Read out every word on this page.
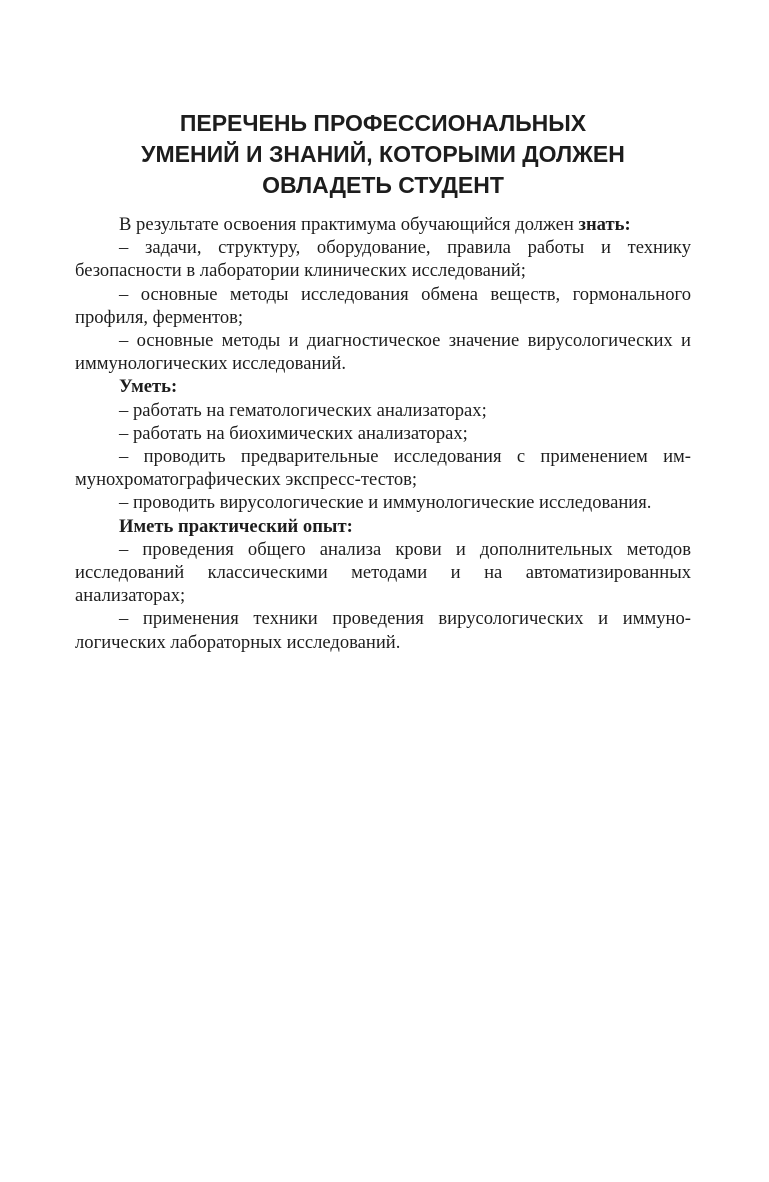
ПЕРЕЧЕНЬ ПРОФЕССИОНАЛЬНЫХ
УМЕНИЙ И ЗНАНИЙ, КОТОРЫМИ ДОЛЖЕН
ОВЛАДЕТЬ СТУДЕНТ

В результате освоения практимума обучающийся должен знать:

– задачи, структуру, оборудование, правила работы и технику безопасности в лаборатории клинических исследований;

– основные методы исследования обмена веществ, гормонального профиля, ферментов;

– основные методы и диагностическое значение вирусологических и иммунологических исследований.

Уметь:

– работать на гематологических анализаторах;

– работать на биохимических анализаторах;

– проводить предварительные исследования с применением иммунохроматографических экспресс-тестов;

– проводить вирусологические и иммунологические исследования.

Иметь практический опыт:

– проведения общего анализа крови и дополнительных методов исследований классическими методами и на автоматизированных анализаторах;

– применения техники проведения вирусологических и иммунологических лабораторных исследований.
